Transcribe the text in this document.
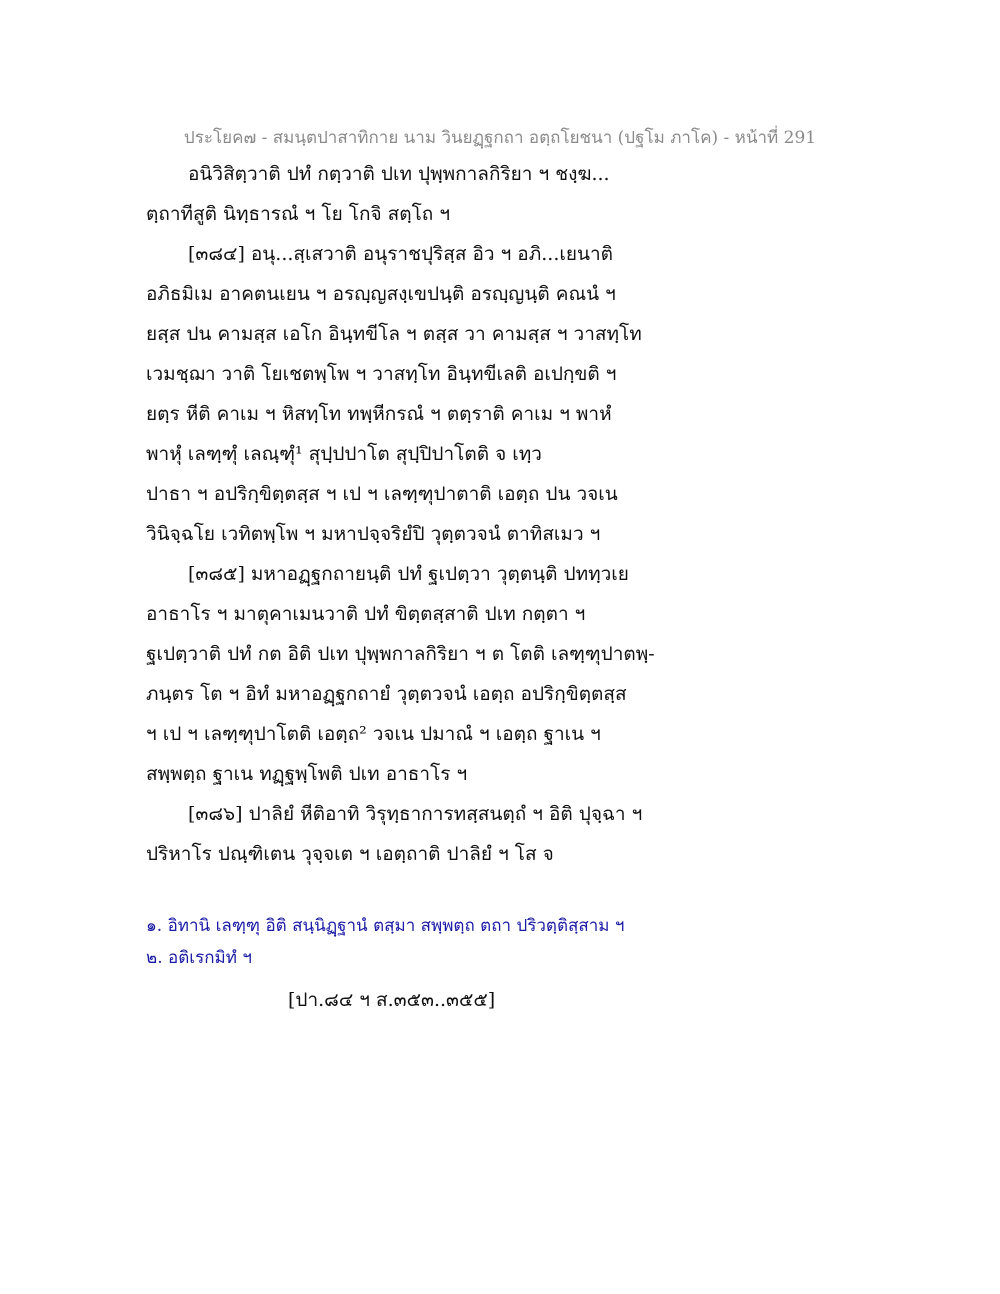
ประโยค๗ - สมนฺตปาสาทิกาย นาม วินยฏฺฐกถา อตฺถโยชนา (ปฐโม ภาโค) - หน้าที่ 291
อนิวิสิตฺวาติ ปทํ กตฺวาติ ปเท ปุพฺพกาลกิริยา ฯ ชงฺฆ...
ตฺถาทีสูติ นิทฺธารณํ ฯ โย โกจิ สตฺโถ ฯ
[๓๘๔] อนุ...สฺเสวาติ อนุราชปุริสฺส อิว ฯ อภิ...เยนาติ
อภิธมิเม อาคตนเยน ฯ อรญฺญสงฺเขปนฺติ อรญฺญนฺติ คณนํ ฯ
ยสฺส ปน คามสฺส เอโก อินฺทขีโล ฯ ตสฺส วา คามสฺส ฯ วาสทฺโท
เวมชฺฌา วาติ โยเชตพฺโพ ฯ วาสทฺโท อินฺทขีเลติ อเปกฺขติ ฯ
ยตฺร หีติ คาเม ฯ หิสทฺโท ทพฺหีกรณํ ฯ ตตฺราติ คาเม ฯ พาหํ
พาหุํ เลฑฺฑุํ เลณฺฑุํ¹ สุปฺปปาโต สุปฺปิปาโตติ จ เทฺว
ปาธา ฯ อปริกฺขิตฺตสฺส ฯ เป ฯ เลฑฺฑุปาตาติ เอตฺถ ปน วจเน
วินิจฺฉโย เวทิตพฺโพ ฯ มหาปจฺจริยํปิ วุตฺตวจนํ ตาทิสเมว ฯ
[๓๘๕] มหาอฏฺฐกถายนฺติ ปทํ ฐเปตฺวา วุตฺตนฺติ ปททฺวเย
อาธาโร ฯ มาตุคาเมนวาติ ปทํ ขิตฺตสฺสาติ ปเท กตฺตา ฯ
ฐเปตฺวาติ ปทํ กต อิติ ปเท ปุพฺพกาลกิริยา ฯ ต โตติ เลฑฺฑุปาตพฺ-
ภนฺตร โต ฯ อิทํ มหาอฏฺฐกถายํ วุตฺตวจนํ เอตฺถ อปริกฺขิตฺตสฺส
ฯ เป ฯ เลฑฺฑุปาโตติ เอตฺถ² วจเน ปมาณํ ฯ เอตฺถ ฐาเน ฯ
สพฺพตฺถ ฐาเน ทฏฺฐพฺโพติ ปเท อาธาโร ฯ
[๓๘๖] ปาลิยํ หีติอาทิ วิรุทฺธาการทสฺสนตฺถํ ฯ อิติ ปุจฺฉา ฯ
ปริหาโร ปณฺฑิเตน วุจฺจเต ฯ เอตฺถาติ ปาลิยํ ฯ โส จ
๑. อิทานิ เลฑฺฑุ อิติ สนฺนิฏฺฐานํ ตสฺมา สพฺพตฺถ ตถา ปริวตฺติสฺสาม ฯ
๒. อติเรกมิทํ ฯ
[ปา.๘๔ ฯ ส.๓๕๓..๓๕๕]
